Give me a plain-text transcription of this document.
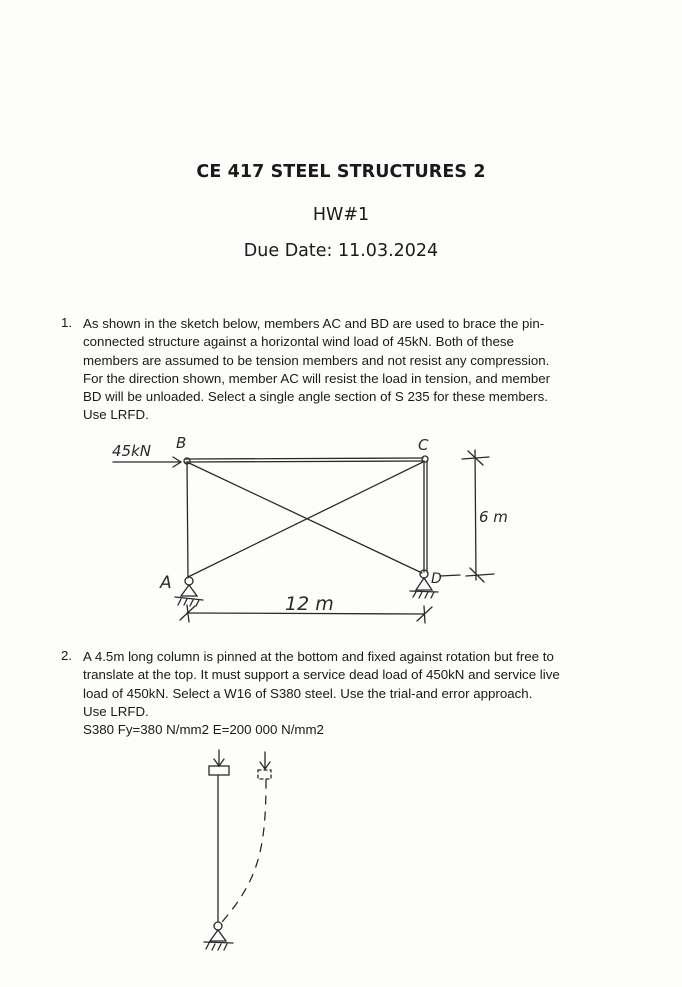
CE 417 STEEL STRUCTURES 2
HW#1
Due Date: 11.03.2024
1. As shown in the sketch below, members AC and BD are used to brace the pin-
connected structure against a horizontal wind load of 45kN. Both of these
members are assumed to be tension members and not resist any compression.
For the direction shown, member AC will resist the load in tension, and member
BD will be unloaded. Select a single angle section of S 235 for these members.
Use LRFD.
2. A 4.5m long column is pinned at the bottom and fixed against rotation but free to
translate at the top. It must support a service dead load of 450kN and service live
load of 450kN. Select a W16 of S380 steel. Use the trial-and error approach.
Use LRFD.
S380 Fy=380 N/mm2 E=200 000 N/mm2
45kN B	C
A	D
12 m
6 m
